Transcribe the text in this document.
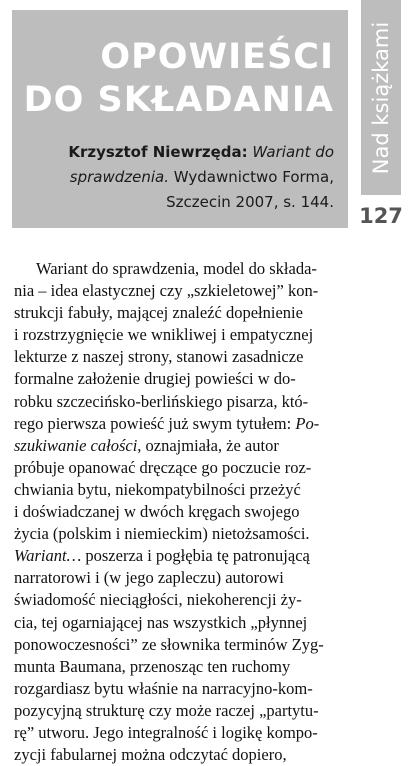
OPOWIEŚCI
DO SKŁADANIA
Krzysztof Niewrzęda: Wariant do sprawdzenia. Wydawnictwo Forma, Szczecin 2007, s. 144.
Nad książkami
127
Wariant do sprawdzenia, model do składa-
nia – idea elastycznej czy „szkieletowej” kon-
strukcji fabuły, mającej znaleźć dopełnienie
i rozstrzygnięcie we wnikliwej i empatycznej
lekturze z naszej strony, stanowi zasadnicze
formalne założenie drugiej powieści w do-
robku szczecińsko-berlińskiego pisarza, któ-
rego pierwsza powieść już swym tytułem: Po-
szukiwanie całości, oznajmiała, że autor
próbuje opanować dręczące go poczucie roz-
chwiania bytu, niekompatybilności przeżyć
i doświadczanej w dwóch kręgach swojego
życia (polskim i niemieckim) nietożsamości.
Wariant… poszerza i pogłębia tę patronującą
narratorowi i (w jego zapleczu) autorowi
świadomość nieciągłości, niekoherencji ży-
cia, tej ogarniającej nas wszystkich „płynnej
ponowoczesności” ze słownika terminów Zyg-
munta Baumana, przenosząc ten ruchomy
rozgardiasz bytu właśnie na narracyjno-kom-
pozycyjną strukturę czy może raczej „partytu-
rę” utworu. Jego integralność i logikę kompo-
zycji fabularnej można odczytać dopiero,
